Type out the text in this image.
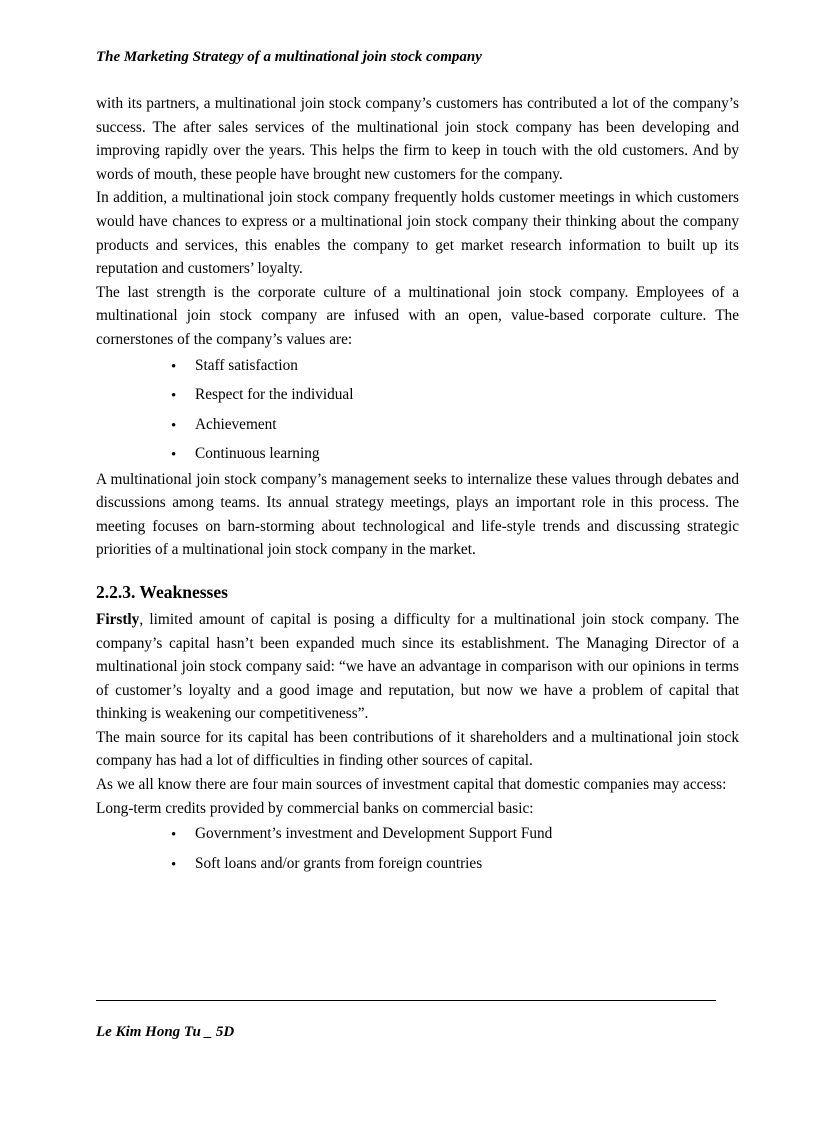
The Marketing Strategy of a multinational join stock company

with its partners, a multinational join stock company’s customers has contributed a lot of the company’s success. The after sales services of the multinational join stock company has been developing and improving rapidly over the years. This helps the firm to keep in touch with the old customers. And by words of mouth, these people have brought new customers for the company.

In addition, a multinational join stock company frequently holds customer meetings in which customers would have chances to express or a multinational join stock company their thinking about the company products and services, this enables the company to get market research information to built up its reputation and customers’ loyalty.

The last strength is the corporate culture of a multinational join stock company. Employees of a multinational join stock company are infused with an open, value-based corporate culture. The cornerstones of the company’s values are:

• Staff satisfaction
• Respect for the individual
• Achievement
• Continuous learning

A multinational join stock company’s management seeks to internalize these values through debates and discussions among teams. Its annual strategy meetings, plays an important role in this process. The meeting focuses on barn-storming about technological and life-style trends and discussing strategic priorities of a multinational join stock company in the market.

2.2.3. Weaknesses

Firstly, limited amount of capital is posing a difficulty for a multinational join stock company. The company’s capital hasn’t been expanded much since its establishment. The Managing Director of a multinational join stock company said: “we have an advantage in comparison with our opinions in terms of customer’s loyalty and a good image and reputation, but now we have a problem of capital that thinking is weakening our competitiveness”.

The main source for its capital has been contributions of it shareholders and a multinational join stock company has had a lot of difficulties in finding other sources of capital.

As we all know there are four main sources of investment capital that domestic companies may access:

Long-term credits provided by commercial banks on commercial basic:

• Government’s investment and Development Support Fund
• Soft loans and/or grants from foreign countries
Le Kim Hong Tu _ 5D
